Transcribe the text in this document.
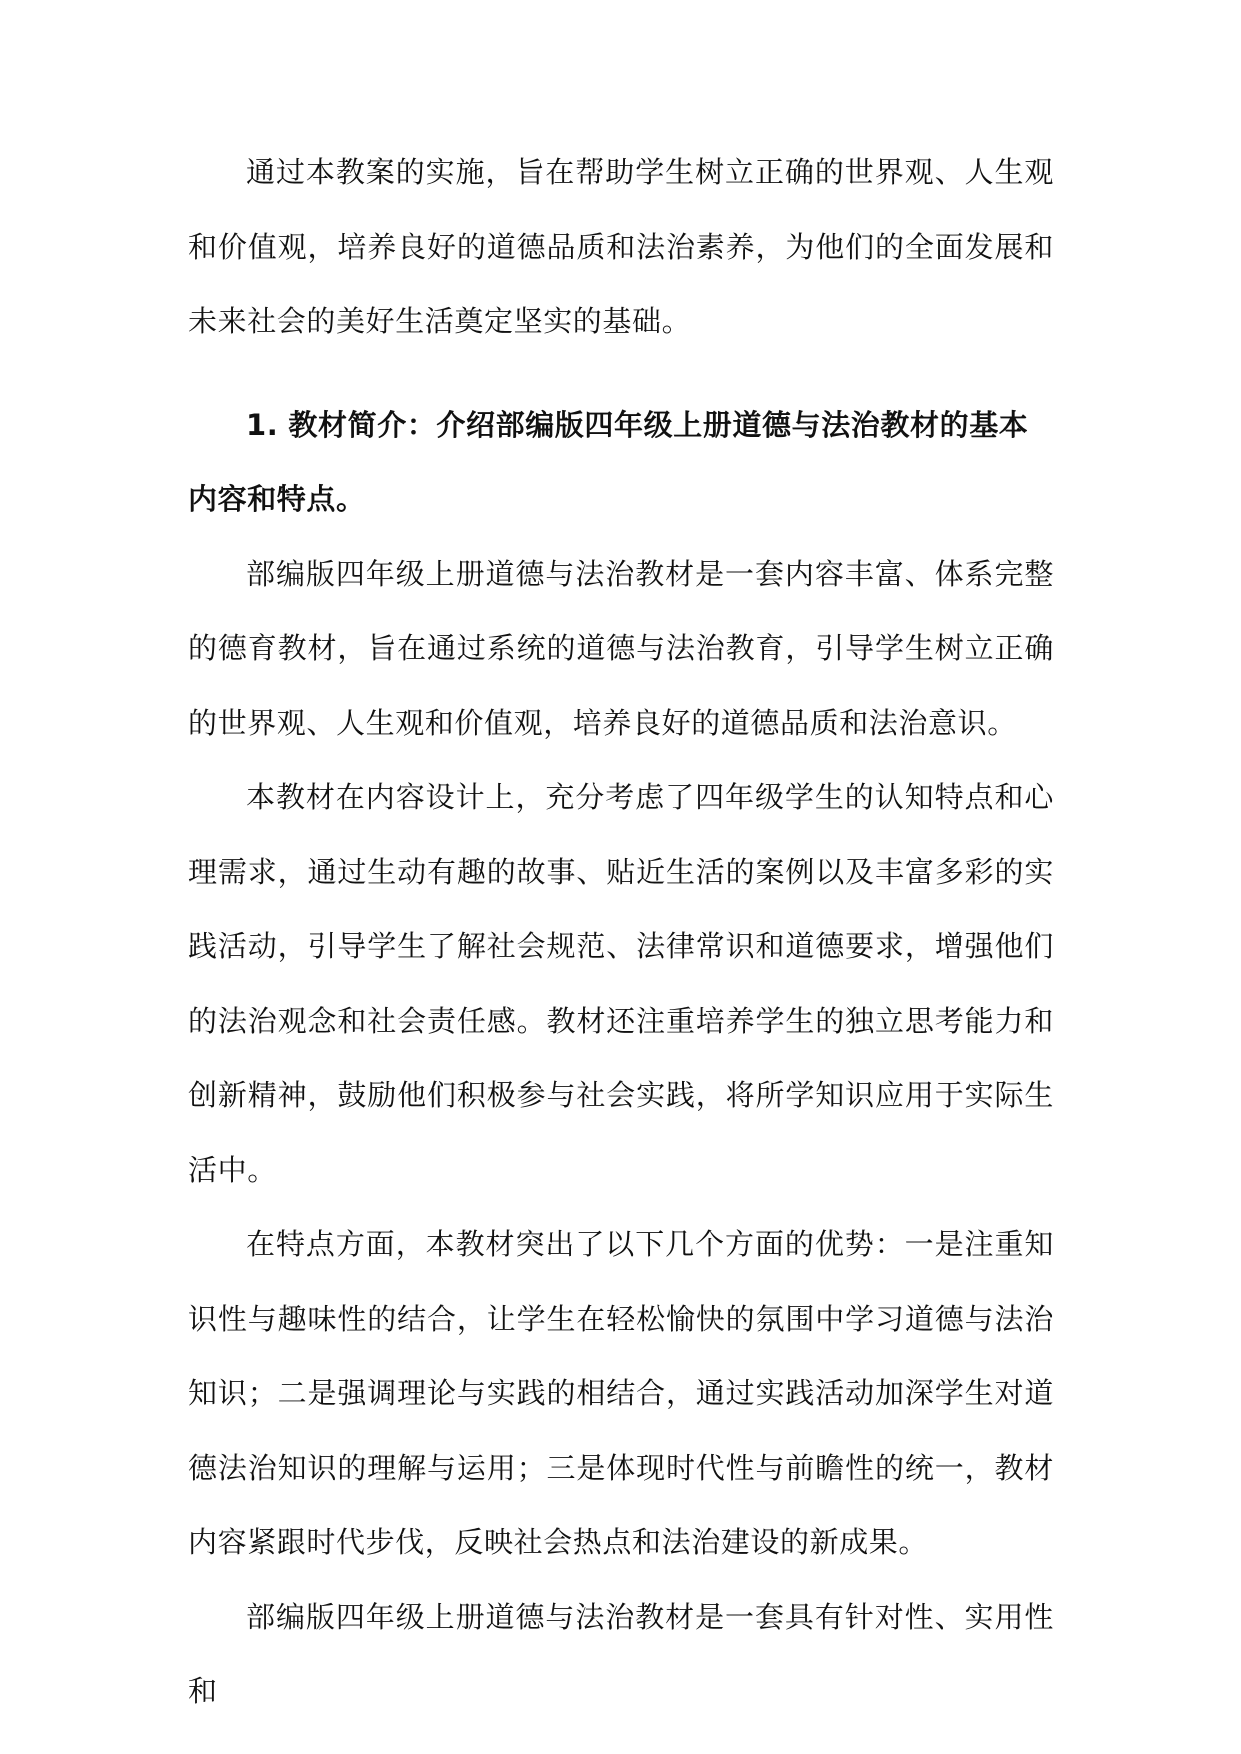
通过本教案的实施，旨在帮助学生树立正确的世界观、人生观和价值观，培养良好的道德品质和法治素养，为他们的全面发展和未来社会的美好生活奠定坚实的基础。

1. 教材简介：介绍部编版四年级上册道德与法治教材的基本内容和特点。

部编版四年级上册道德与法治教材是一套内容丰富、体系完整的德育教材，旨在通过系统的道德与法治教育，引导学生树立正确的世界观、人生观和价值观，培养良好的道德品质和法治意识。

本教材在内容设计上，充分考虑了四年级学生的认知特点和心理需求，通过生动有趣的故事、贴近生活的案例以及丰富多彩的实践活动，引导学生了解社会规范、法律常识和道德要求，增强他们的法治观念和社会责任感。教材还注重培养学生的独立思考能力和创新精神，鼓励他们积极参与社会实践，将所学知识应用于实际生活中。

在特点方面，本教材突出了以下几个方面的优势：一是注重知识性与趣味性的结合，让学生在轻松愉快的氛围中学习道德与法治知识；二是强调理论与实践的相结合，通过实践活动加深学生对道德法治知识的理解与运用；三是体现时代性与前瞻性的统一，教材内容紧跟时代步伐，反映社会热点和法治建设的新成果。

部编版四年级上册道德与法治教材是一套具有针对性、实用性和
